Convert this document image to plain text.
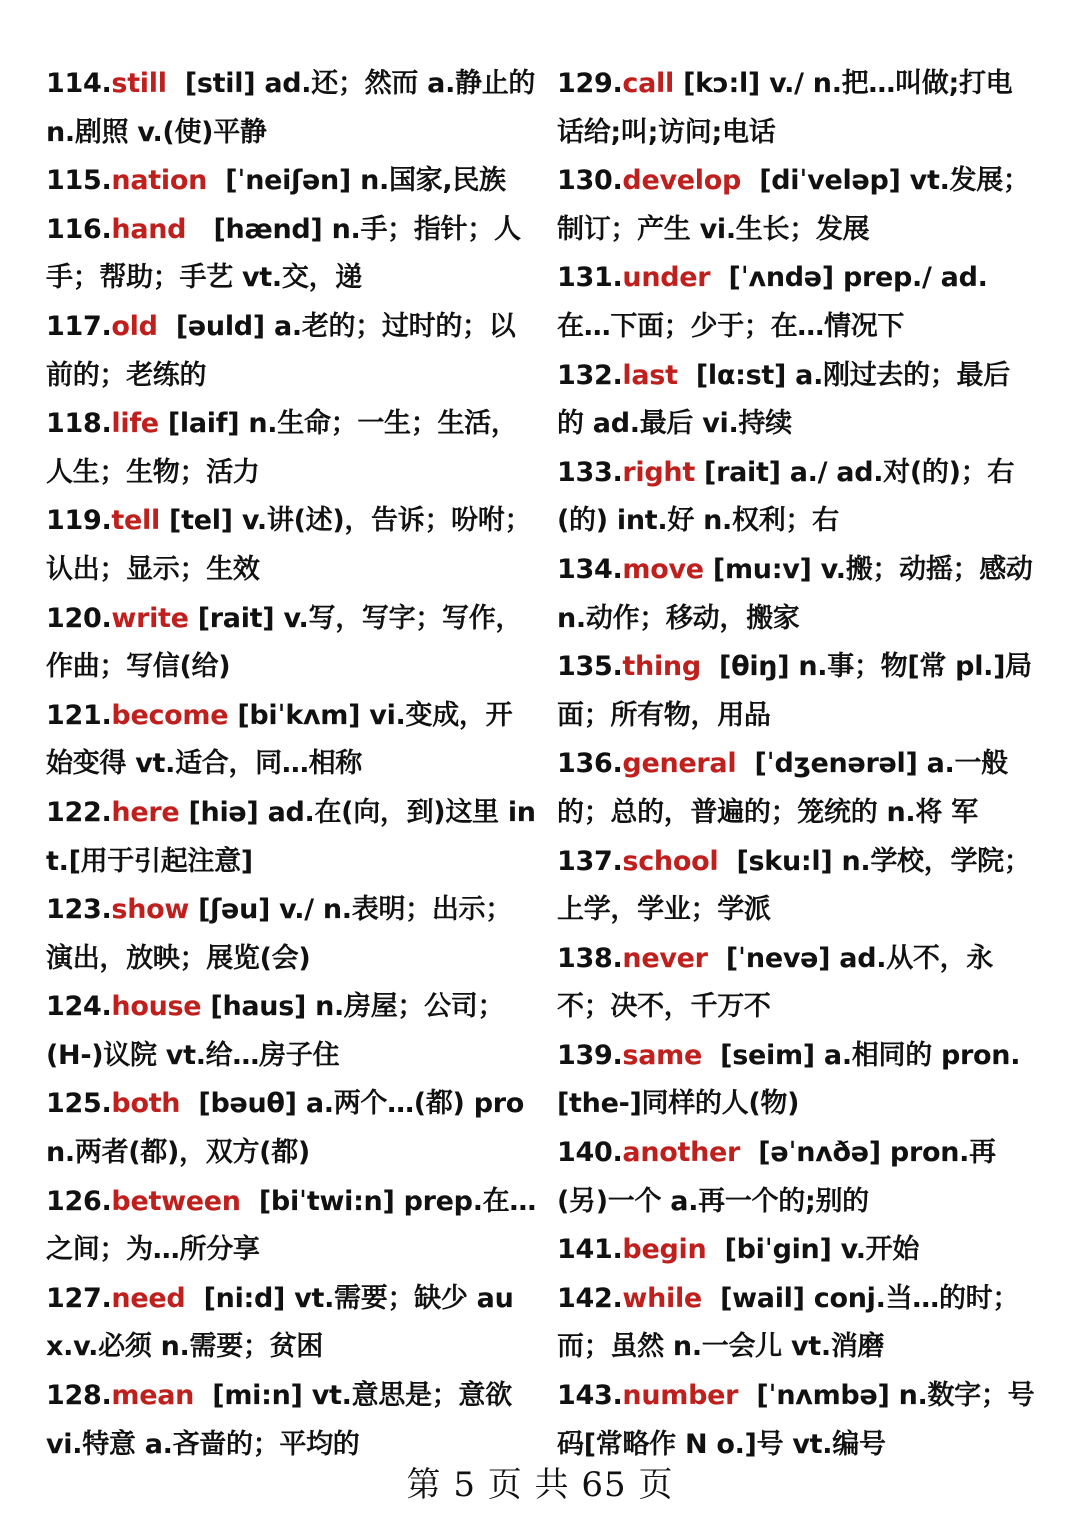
114.still  [stil] ad.还；然而 a.静止的 n.剧照 v.(使)平静

115.nation  [ˈneiʃən] n.国家,民族

116.hand   [hænd] n.手；指针；人手；帮助；手艺 vt.交，递

117.old  [əuld] a.老的；过时的；以前的；老练的

118.life [laif] n.生命；一生；生活，人生；生物；活力

119.tell [tel] v.讲(述)，告诉；吩咐；认出；显示；生效

120.write [rait] v.写，写字；写作，作曲；写信(给)

121.become [biˈkʌm] vi.变成，开始变得 vt.适合，同…相称

122.here [hiə] ad.在(向，到)这里 int.[用于引起注意]

123.show [ʃəu] v./ n.表明；出示；演出，放映；展览(会)

124.house [haus] n.房屋；公司；(H-)议院 vt.给…房子住

125.both  [bəuθ] a.两个…(都) pron.两者(都)，双方(都)

126.between  [biˈtwi:n] prep.在…之间；为…所分享

127.need  [ni:d] vt.需要；缺少 aux.v.必须 n.需要；贫困

128.mean  [mi:n] vt.意思是；意欲 vi.特意 a.吝啬的；平均的

129.call [kɔ:l] v./ n.把…叫做;打电话给;叫;访问;电话

130.develop  [diˈveləp] vt.发展；制订；产生 vi.生长；发展

131.under  [ˈʌndə] prep./ ad.在…下面；少于；在…情况下

132.last  [lα:st] a.刚过去的；最后的 ad.最后 vi.持续

133.right [rait] a./ ad.对(的)；右(的) int.好 n.权利；右

134.move [mu:v] v.搬；动摇；感动 n.动作；移动，搬家

135.thing  [θiŋ] n.事；物[常 pl.]局面；所有物，用品

136.general  [ˈdʒenərəl] a.一般的；总的，普遍的；笼统的 n.将 军

137.school  [sku:l] n.学校，学院；上学，学业；学派

138.never  [ˈnevə] ad.从不，永不；决不，千万不

139.same  [seim] a.相同的 pron.[the-]同样的人(物)

140.another  [əˈnʌðə] pron.再(另)一个 a.再一个的;别的

141.begin  [biˈgin] v.开始

142.while  [wail] conj.当…的时；而；虽然 n.一会儿 vt.消磨

143.number  [ˈnʌmbə] n.数字；号码[常略作 N o.]号 vt.编号

第 5 页 共 65 页
